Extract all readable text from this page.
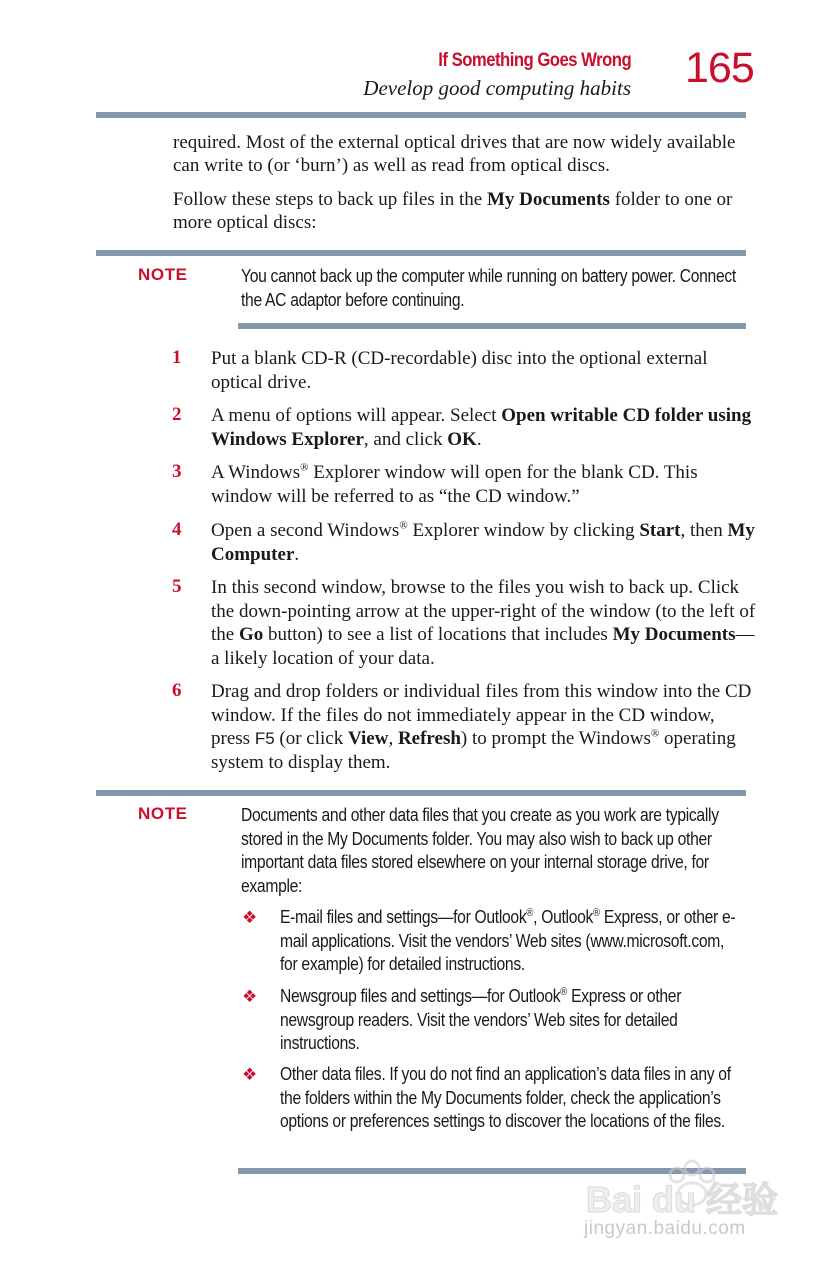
If Something Goes Wrong
Develop good computing habits 165
required. Most of the external optical drives that are now widely available can write to (or ‘burn’) as well as read from optical discs.
Follow these steps to back up files in the My Documents folder to one or more optical discs:
NOTE	You cannot back up the computer while running on battery power. Connect the AC adaptor before continuing.
1 Put a blank CD-R (CD-recordable) disc into the optional external optical drive.
2 A menu of options will appear. Select Open writable CD folder using Windows Explorer, and click OK.
3 A Windows® Explorer window will open for the blank CD. This window will be referred to as “the CD window.”
4 Open a second Windows® Explorer window by clicking Start, then My Computer.
5 In this second window, browse to the files you wish to back up. Click the down-pointing arrow at the upper-right of the window (to the left of the Go button) to see a list of locations that includes My Documents—a likely location of your data.
6 Drag and drop folders or individual files from this window into the CD window. If the files do not immediately appear in the CD window, press F5 (or click View, Refresh) to prompt the Windows® operating system to display them.
NOTE	Documents and other data files that you create as you work are typically stored in the My Documents folder. You may also wish to back up other important data files stored elsewhere on your internal storage drive, for example:
❖ E-mail files and settings—for Outlook®, Outlook® Express, or other e-mail applications. Visit the vendors’ Web sites (www.microsoft.com, for example) for detailed instructions.
❖ Newsgroup files and settings—for Outlook® Express or other newsgroup readers. Visit the vendors’ Web sites for detailed instructions.
❖ Other data files. If you do not find an application’s data files in any of the folders within the My Documents folder, check the application’s options or preferences settings to discover the locations of the files.
Bai du 经验
jingyan.baidu.com
